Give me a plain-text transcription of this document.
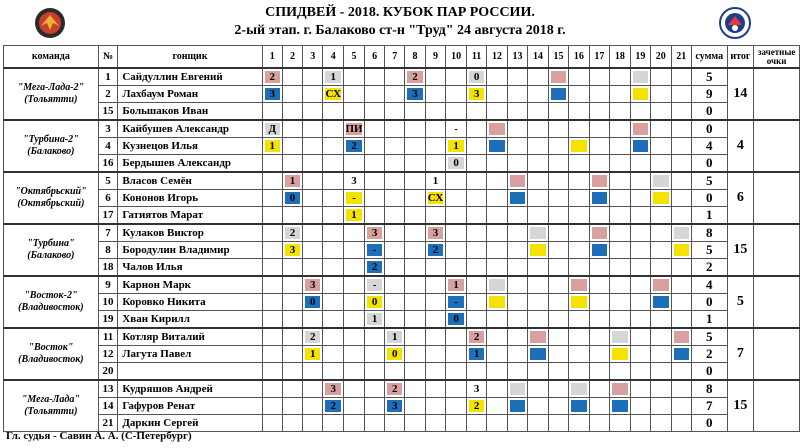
СПИДВЕЙ - 2018. КУБОК ПАР РОССИИ.
2-ый этап. г. Балаково ст-н "Труд" 24 августа 2018 г.
команда	№	гонщик	1	2	3	4	5	6	7	8	9	10	11	12	13	14	15	16	17	18	19	20	21	сумма	итог	зачетные очки
"Мега-Лада-2" (Тольятти)	1	Сайдуллин Евгений	2			1				2			0											5	14	
	2	Лахбаум Роман	3			СХ				3			3											9		
	15	Большаков Иван																						0		
"Турбина-2" (Балаково)	3	Кайбушев Александр	Д				ПИ					-												0	4	
	4	Кузнецов Илья	1				2					1												4		
	16	Бердышев Александр										0												0		
"Октябрьский" (Октябрьский)	5	Власов Семён		1			3				1													5	6	
	6	Кононов Игорь		0			-				СХ													0		
	17	Гатиятов Марат					1																	1		
"Турбина" (Балаково)	7	Кулаков Виктор		2				3			3													8	15	
	8	Бородулин Владимир		3				-			2													5		
	18	Чалов Илья						2																2		
"Восток-2" (Владивосток)	9	Карнон Марк			3			-				1												4	5	
	10	Коровко Никита			0			0				-												0		
	19	Хван Кирилл						1				0												1		
"Восток" (Владивосток)	11	Котляр Виталий			2				1				2											5	7	
	12	Лагута Павел			1				0				1											2		
	20																							0		
"Мега-Лада" (Тольятти)	13	Кудряшов Андрей				3			2				3											8	15	
	14	Гафуров Ренат				2			3				2											7		
	21	Даркин Сергей																						0		
Гл. судья - Савин А. А. (С-Петербург)
